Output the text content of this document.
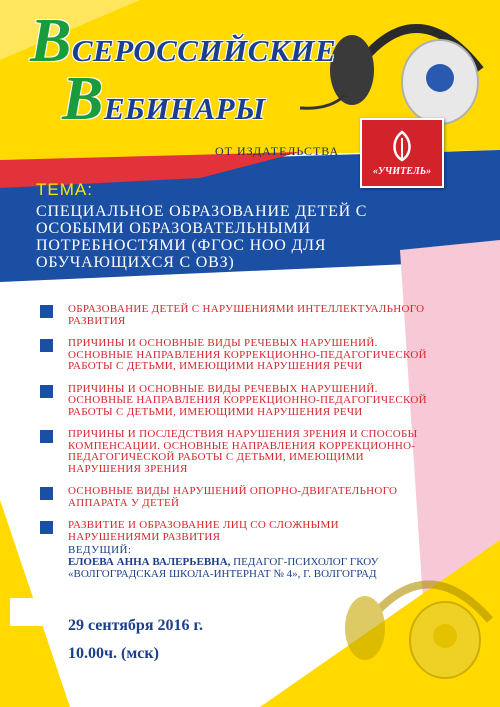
ВСЕРОССИЙСКИЕ
ВЕБИНАРЫ
ОТ ИЗДАТЕЛЬСТВА
«УЧИТЕЛЬ»
ТЕМА:
СПЕЦИАЛЬНОЕ ОБРАЗОВАНИЕ ДЕТЕЙ С ОСОБЫМИ ОБРАЗОВАТЕЛЬНЫМИ ПОТРЕБНОСТЯМИ (ФГОС НОО ДЛЯ ОБУЧАЮЩИХСЯ С ОВЗ)
ОБРАЗОВАНИЕ ДЕТЕЙ С НАРУШЕНИЯМИ ИНТЕЛЛЕКТУАЛЬНОГО РАЗВИТИЯ
ПРИЧИНЫ И ОСНОВНЫЕ ВИДЫ РЕЧЕВЫХ НАРУШЕНИЙ. ОСНОВНЫЕ НАПРАВЛЕНИЯ КОРРЕКЦИОННО-ПЕДАГОГИЧЕСКОЙ РАБОТЫ С ДЕТЬМИ, ИМЕЮЩИМИ НАРУШЕНИЯ РЕЧИ
ПРИЧИНЫ И ОСНОВНЫЕ ВИДЫ РЕЧЕВЫХ НАРУШЕНИЙ. ОСНОВНЫЕ НАПРАВЛЕНИЯ КОРРЕКЦИОННО-ПЕДАГОГИЧЕСКОЙ РАБОТЫ С ДЕТЬМИ, ИМЕЮЩИМИ НАРУШЕНИЯ РЕЧИ
ПРИЧИНЫ И ПОСЛЕДСТВИЯ НАРУШЕНИЯ ЗРЕНИЯ И СПОСОБЫ КОМПЕНСАЦИИ. ОСНОВНЫЕ НАПРАВЛЕНИЯ КОРРЕКЦИОННО-ПЕДАГОГИЧЕСКОЙ РАБОТЫ С ДЕТЬМИ, ИМЕЮЩИМИ НАРУШЕНИЯ ЗРЕНИЯ
ОСНОВНЫЕ ВИДЫ НАРУШЕНИЙ ОПОРНО-ДВИГАТЕЛЬНОГО АППАРАТА У ДЕТЕЙ
РАЗВИТИЕ И ОБРАЗОВАНИЕ ЛИЦ СО СЛОЖНЫМИ НАРУШЕНИЯМИ РАЗВИТИЯ
ВЕДУЩИЙ:
ЕЛОЕВА АННА ВАЛЕРЬЕВНА, ПЕДАГОГ-ПСИХОЛОГ ГКОУ «ВОЛГОГРАДСКАЯ ШКОЛА-ИНТЕРНАТ № 4», Г. ВОЛГОГРАД
29 сентября 2016 г.
10.00ч. (мск)
